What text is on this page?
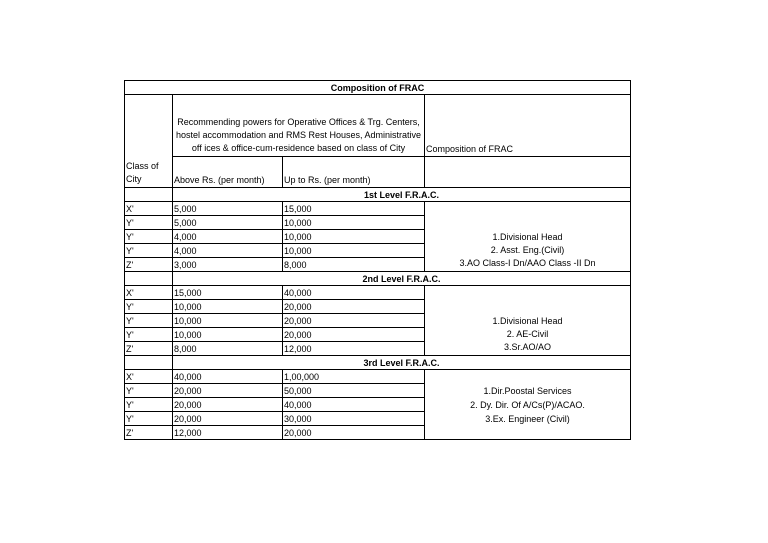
Composition of FRAC			
Class of City	Recommending powers for Operative Offices & Trg. Centers, hostel accommodation and RMS Rest Houses, Administrative off ices & office-cum-residence based on class of City		Composition of FRAC
	Above Rs. (per month)	Up to Rs. (per month)	
	1st Level F.R.A.C.		
X'	5,000	15,000	1.Divisional Head
2. Asst. Eng.(Civil)
3.AO Class-I Dn/AAO Class -II Dn

Y'	5,000	10,000	
Y'	4,000	10,000	
Y'	4,000	10,000	
Z'	3,000	8,000	
	2nd Level F.R.A.C.		
X'	15,000	40,000	1.Divisional Head
2. AE-Civil
3.Sr.AO/AO

Y'	10,000	20,000	
Y'	10,000	20,000	
Y'	10,000	20,000	
Z'	8,000	12,000	
	3rd Level F.R.A.C.		
X'	40,000	1,00,000	1.Dir.Poostal Services
2. Dy. Dir. Of A/Cs(P)/ACAO.
3.Ex. Engineer (Civil)

Y'	20,000	50,000	
Y'	20,000	40,000	
Y'	20,000	30,000	
Z'	12,000	20,000	
